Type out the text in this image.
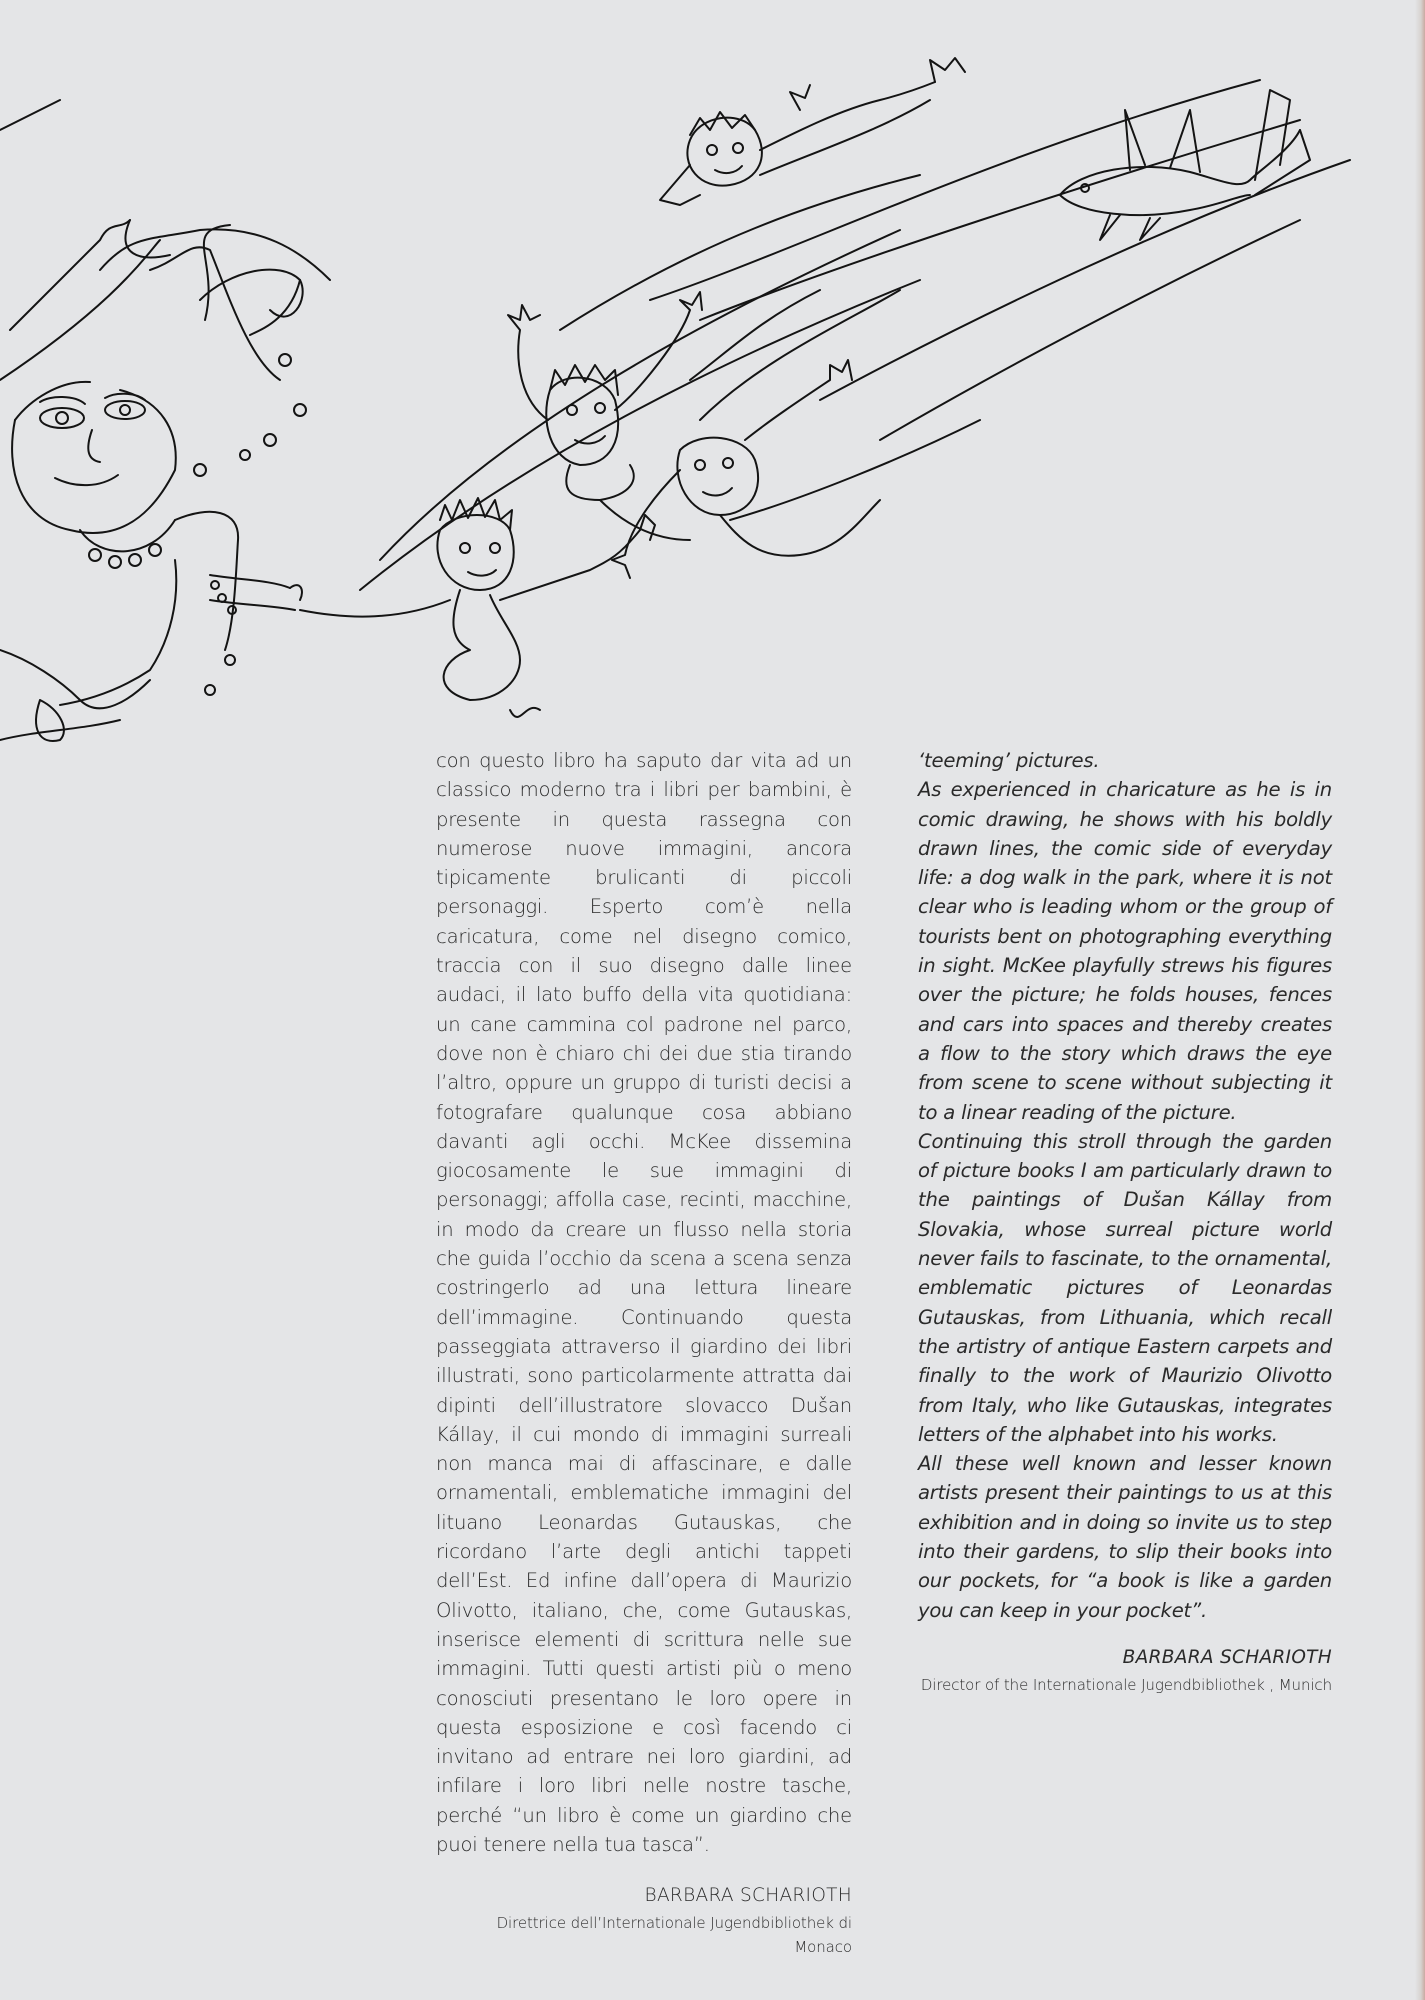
con questo libro ha saputo dar vita ad un classico moderno tra i libri per bambini, è presente in questa rassegna con numerose nuove immagini, ancora tipicamente brulicanti di piccoli personaggi. Esperto com’è nella caricatura, come nel disegno comico, traccia con il suo disegno dalle linee audaci, il lato buffo della vita quotidiana: un cane cammina col padrone nel parco, dove non è chiaro chi dei due stia tirando l’altro, oppure un gruppo di turisti decisi a fotografare qualunque cosa abbiano davanti agli occhi. McKee dissemina giocosamente le sue immagini di personaggi; affolla case, recinti, macchine, in modo da creare un flusso nella storia che guida l’occhio da scena a scena senza costringerlo ad una lettura lineare dell’immagine. Continuando questa passeggiata attraverso il giardino dei libri illustrati, sono particolarmente attratta dai dipinti dell’illustratore slovacco Dušan Kállay, il cui mondo di immagini surreali non manca mai di affascinare, e dalle ornamentali, emblematiche immagini del lituano Leonardas Gutauskas, che ricordano l’arte degli antichi tappeti dell’Est. Ed infine dall’opera di Maurizio Olivotto, italiano, che, come Gutauskas, inserisce elementi di scrittura nelle sue immagini. Tutti questi artisti più o meno conosciuti presentano le loro opere in questa esposizione e così facendo ci invitano ad entrare nei loro giardini, ad infilare i loro libri nelle nostre tasche, perché “un libro è come un giardino che puoi tenere nella tua tasca”.

BARBARA SCHARIOTH
Direttrice dell’Internationale Jugendbibliothek di Monaco

‘teeming’ pictures.

As experienced in charicature as he is in comic drawing, he shows with his boldly drawn lines, the comic side of everyday life: a dog walk in the park, where it is not clear who is leading whom or the group of tourists bent on photographing everything in sight. McKee playfully strews his figures over the picture; he folds houses, fences and cars into spaces and thereby creates a flow to the story which draws the eye from scene to scene without subjecting it to a linear reading of the picture.

Continuing this stroll through the garden of picture books I am particularly drawn to the paintings of Dušan Kállay from Slovakia, whose surreal picture world never fails to fascinate, to the ornamental, emblematic pictures of Leonardas Gutauskas, from Lithuania, which recall the artistry of antique Eastern carpets and finally to the work of Maurizio Olivotto from Italy, who like Gutauskas, integrates letters of the alphabet into his works.

All these well known and lesser known artists present their paintings to us at this exhibition and in doing so invite us to step into their gardens, to slip their books into our pockets, for “a book is like a garden you can keep in your pocket”.

BARBARA SCHARIOTH
Director of the Internationale Jugendbibliothek , Munich
